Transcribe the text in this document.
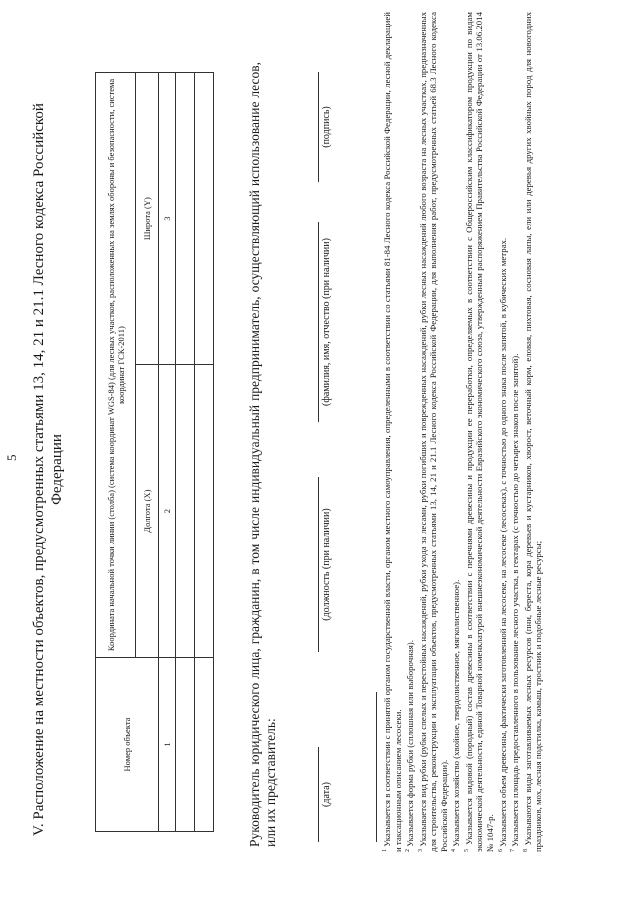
5 V. Расположение на местности объектов, предусмотренных статьями 13, 14, 21 и 21.1 Лесного кодекса Российской Федерации
Номер объекта	Координата начальной точки линии (столба) (система координат WGS-84) (для лесных участков, расположенных на землях обороны и безопасности, система координат ГСК-2011)	
	Долгота (X)	Широта (Y)
1	2	3

			Руководитель юридического лица, гражданин, в том числе индивидуальный предприниматель, осуществляющий использование лесов, или их представитель:	(дата)
(должность (при наличии)
(фамилия, имя, отчество (при наличии)
(подпись)

$^1$ Указывается в соответствии с принятой органом государственной власти, органом местного самоуправления, определенными в соответствии со статьями 81-84 Лесного кодекса Российской Федерации, лесной декларацией и таксационным описанием лесосеки. $^2$ Указывается форма рубки (сплошная или выборочная).

$^3$ Указывается вид рубки (рубки спелых и перестойных насаждений, рубки ухода за лесами, рубки погибших и поврежденных насаждений, рубки лесных насаждений любого возраста на лесных участках, предназначенных для строительства, реконструкции и эксплуатации объектов, предусмотренных статьями 13, 14, 21 и 21.1 Лесного кодекса Российской Федерации, для выполнения работ, предусмотренных статьей 68.3 Лесного кодекса Российской Федерации). $^4$ Указывается хозяйство (хвойное, твердолиственное, мягколиственное).

$^5$ Указывается видовой (породный) состав древесины в соответствии с перечнями древесины и продукции ее переработки, определяемых в соответствии с Общероссийским классификатором продукции по видам экономической деятельности, единой Товарной номенклатурой внешнеэкономической деятельности Евразийского экономического союза, утвержденным распоряжением Правительства Российской Федерации от 13.06.2014 № 1047-р. $^6$ Указывается объем древесины, фактически заготовленной на лесосеке, на лесосеке (лесосеках), с точностью до одного знака после запятой, в кубических метрах.

$^7$ Указывается площадь предоставленного в пользование лесного участка, в гектарах (с точностью до четырех знаков после запятой).

$^8$ Указываются виды заготавливаемых лесных ресурсов (пни, береста, кора деревьев и кустарников, хворост, веточный корм, еловая, пихтовая, сосновая лапы, ели или деревья других хвойных пород для новогодних праздников, мох, лесная подстилка, камыш, тростник и подобные лесные ресурсы;
